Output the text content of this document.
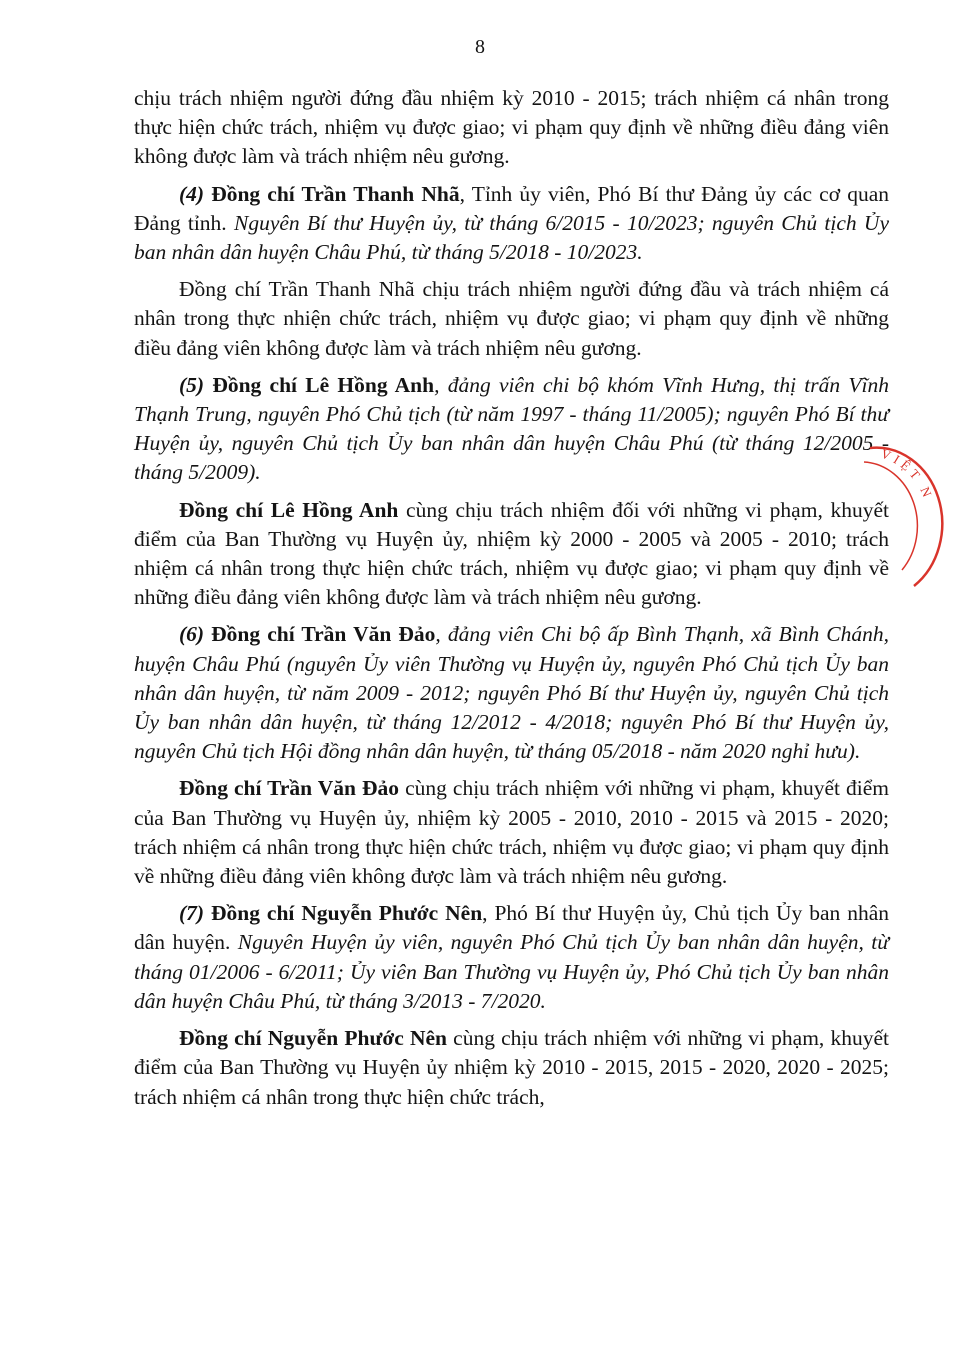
8

chịu trách nhiệm người đứng đầu nhiệm kỳ 2010 - 2015; trách nhiệm cá nhân trong thực hiện chức trách, nhiệm vụ được giao; vi phạm quy định về những điều đảng viên không được làm và trách nhiệm nêu gương.

(4) Đồng chí Trần Thanh Nhã, Tỉnh ủy viên, Phó Bí thư Đảng ủy các cơ quan Đảng tỉnh. Nguyên Bí thư Huyện ủy, từ tháng 6/2015 - 10/2023; nguyên Chủ tịch Ủy ban nhân dân huyện Châu Phú, từ tháng 5/2018 - 10/2023.

Đồng chí Trần Thanh Nhã chịu trách nhiệm người đứng đầu và trách nhiệm cá nhân trong thực nhiện chức trách, nhiệm vụ được giao; vi phạm quy định về những điều đảng viên không được làm và trách nhiệm nêu gương.

(5) Đồng chí Lê Hồng Anh, đảng viên chi bộ khóm Vĩnh Hưng, thị trấn Vĩnh Thạnh Trung, nguyên Phó Chủ tịch (từ năm 1997 - tháng 11/2005); nguyên Phó Bí thư Huyện ủy, nguyên Chủ tịch Ủy ban nhân dân huyện Châu Phú (từ tháng 12/2005 - tháng 5/2009).

Đồng chí Lê Hồng Anh cùng chịu trách nhiệm đối với những vi phạm, khuyết điểm của Ban Thường vụ Huyện ủy, nhiệm kỳ 2000 - 2005 và 2005 - 2010; trách nhiệm cá nhân trong thực hiện chức trách, nhiệm vụ được giao; vi phạm quy định về những điều đảng viên không được làm và trách nhiệm nêu gương.

(6) Đồng chí Trần Văn Đảo, đảng viên Chi bộ ấp Bình Thạnh, xã Bình Chánh, huyện Châu Phú (nguyên Ủy viên Thường vụ Huyện ủy, nguyên Phó Chủ tịch Ủy ban nhân dân huyện, từ năm 2009 - 2012; nguyên Phó Bí thư Huyện ủy, nguyên Chủ tịch Ủy ban nhân dân huyện, từ tháng 12/2012 - 4/2018; nguyên Phó Bí thư Huyện ủy, nguyên Chủ tịch Hội đồng nhân dân huyện, từ tháng 05/2018 - năm 2020 nghỉ hưu).

Đồng chí Trần Văn Đảo cùng chịu trách nhiệm với những vi phạm, khuyết điểm của Ban Thường vụ Huyện ủy, nhiệm kỳ 2005 - 2010, 2010 - 2015 và 2015 - 2020; trách nhiệm cá nhân trong thực hiện chức trách, nhiệm vụ được giao; vi phạm quy định về những điều đảng viên không được làm và trách nhiệm nêu gương.

(7) Đồng chí Nguyễn Phước Nên, Phó Bí thư Huyện ủy, Chủ tịch Ủy ban nhân dân huyện. Nguyên Huyện ủy viên, nguyên Phó Chủ tịch Ủy ban nhân dân huyện, từ tháng 01/2006 - 6/2011; Ủy viên Ban Thường vụ Huyện ủy, Phó Chủ tịch Ủy ban nhân dân huyện Châu Phú, từ tháng 3/2013 - 7/2020.

Đồng chí Nguyễn Phước Nên cùng chịu trách nhiệm với những vi phạm, khuyết điểm của Ban Thường vụ Huyện ủy nhiệm kỳ 2010 - 2015, 2015 - 2020, 2020 - 2025; trách nhiệm cá nhân trong thực hiện chức trách,

VIỆT N
